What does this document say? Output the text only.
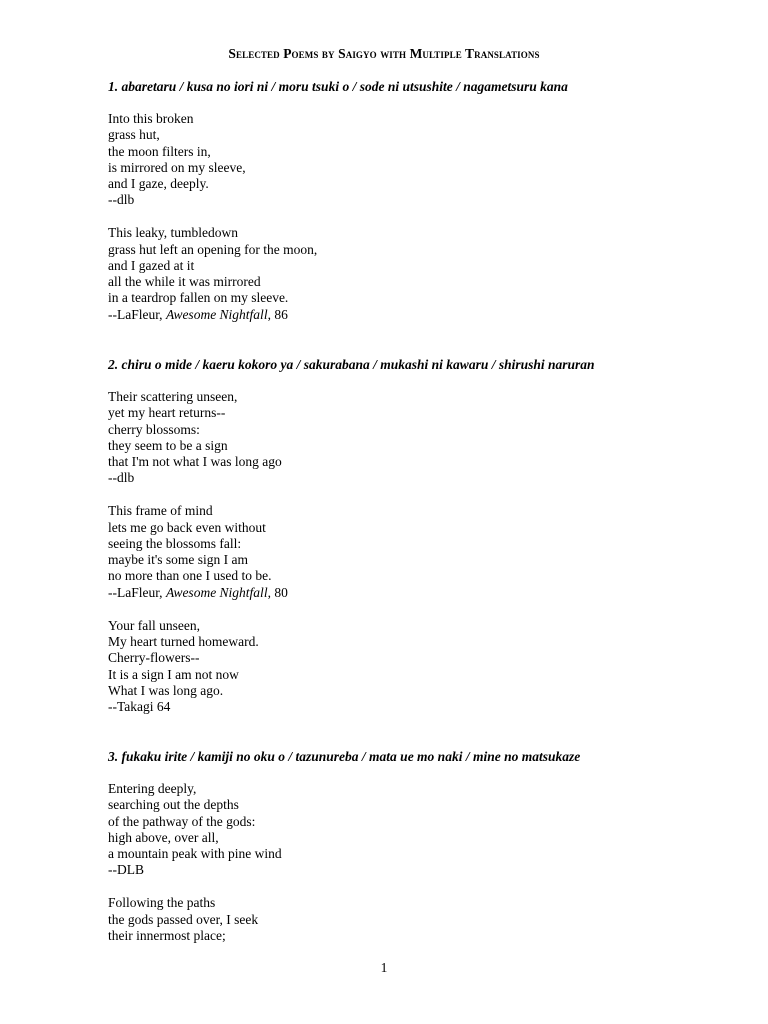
Selected Poems by Saigyo with Multiple Translations
1. abaretaru / kusa no iori ni / moru tsuki o / sode ni utsushite / nagametsuru kana
Into this broken
grass hut,
the moon filters in,
is mirrored on my sleeve,
and I gaze, deeply.
--dlb
This leaky, tumbledown
grass hut left an opening for the moon,
and I gazed at it
all the while it was mirrored
in a teardrop fallen on my sleeve.
--LaFleur, Awesome Nightfall, 86
2. chiru o mide / kaeru kokoro ya / sakurabana / mukashi ni kawaru / shirushi naruran
Their scattering unseen,
yet my heart returns--
cherry blossoms:
they seem to be a sign
that I'm not what I was long ago
--dlb
This frame of mind
lets me go back even without
seeing the blossoms fall:
maybe it's some sign I am
no more than one I used to be.
--LaFleur, Awesome Nightfall, 80
Your fall unseen,
My heart turned homeward.
Cherry-flowers--
It is a sign I am not now
What I was long ago.
--Takagi 64
3. fukaku irite / kamiji no oku o / tazunureba / mata ue mo naki / mine no matsukaze
Entering deeply,
searching out the depths
of the pathway of the gods:
high above, over all,
a mountain peak with pine wind
--DLB
Following the paths
the gods passed over, I seek
their innermost place;
1
